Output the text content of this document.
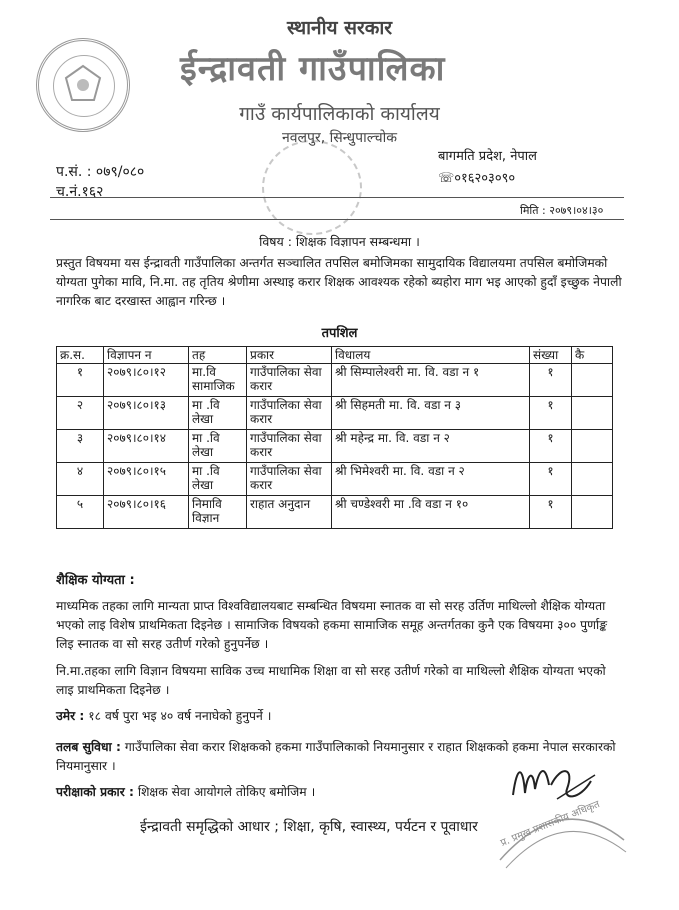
स्थानीय सरकार
ईन्द्रावती गाउँपालिका
गाउँ कार्यपालिकाको कार्यालय
नवलपुर, सिन्धुपाल्चोक
प.सं. : ०७९/०८०
च.नं.१६२
बागमति प्रदेश, नेपाल
☏०१६२०३०९०
मिति : २०७९।०४।३०
विषय : शिक्षक विज्ञापन सम्बन्धमा ।
प्रस्तुत विषयमा यस ईन्द्रावती गाउँपालिका अन्तर्गत सञ्चालित तपसिल बमोजिमका सामुदायिक विद्यालयमा तपसिल बमोजिमको योग्यता पुगेका मावि, नि.मा. तह तृतिय श्रेणीमा अस्थाइ करार शिक्षक आवश्यक रहेको ब्यहोरा माग भइ आएको हुदाँ इच्छुक नेपाली नागरिक बाट दरखास्त आह्वान गरिन्छ ।
तपशिल
क्र.स.	विज्ञापन न	तह	प्रकार	विधालय	संख्या	कै
१	२०७९।८०।१२	मा.वि सामाजिक	गाउँपालिका सेवा करार	श्री सिम्पालेश्वरी मा. वि. वडा न १	१	
२	२०७९।८०।१३	मा .वि लेखा	गाउँपालिका सेवा करार	श्री सिहमती मा. वि. वडा न ३	१	
३	२०७९।८०।१४	मा .वि लेखा	गाउँपालिका सेवा करार	श्री महेन्द्र मा. वि. वडा न २	१	
४	२०७९।८०।१५	मा .वि लेखा	गाउँपालिका सेवा करार	श्री भिमेश्वरी मा. वि. वडा न २	१	
५	२०७९।८०।१६	निमावि विज्ञान	राहात अनुदान	श्री चण्डेश्वरी मा .वि वडा न १०	१	
शैक्षिक योग्यता :
माध्यमिक तहका लागि मान्यता प्राप्त विश्वविद्यालयबाट सम्बन्धित विषयमा स्नातक वा सो सरह उर्तिण माथिल्लो शैक्षिक योग्यता भएको लाइ विशेष प्राथमिकता दिइनेछ । सामाजिक विषयको हकमा सामाजिक समूह अन्तर्गतका कुनै एक विषयमा ३०० पुर्णाङ्क लिइ स्नातक वा सो सरह उतीर्ण गरेको हुनुपर्नेछ ।
नि.मा.तहका लागि विज्ञान विषयमा साविक उच्च माधामिक शिक्षा वा सो सरह उतीर्ण गरेको वा माथिल्लो शैक्षिक योग्यता भएको लाइ प्राथमिकता दिइनेछ ।
उमेर : १८ वर्ष पुरा भइ ४० वर्ष ननाघेको हुनुपर्ने ।
तलब सुविधा : गाउँपालिका सेवा करार शिक्षकको हकमा गाउँपालिकाको नियमानुसार र राहात शिक्षकको हकमा नेपाल सरकारको नियमानुसार ।
परीक्षाको प्रकार : शिक्षक सेवा आयोगले तोकिए बमोजिम ।
प्र. प्रमुख प्रशासकीय अधिकृत
ईन्द्रावती समृद्धिको आधार ; शिक्षा, कृषि, स्वास्थ्य, पर्यटन र पूवाधार
